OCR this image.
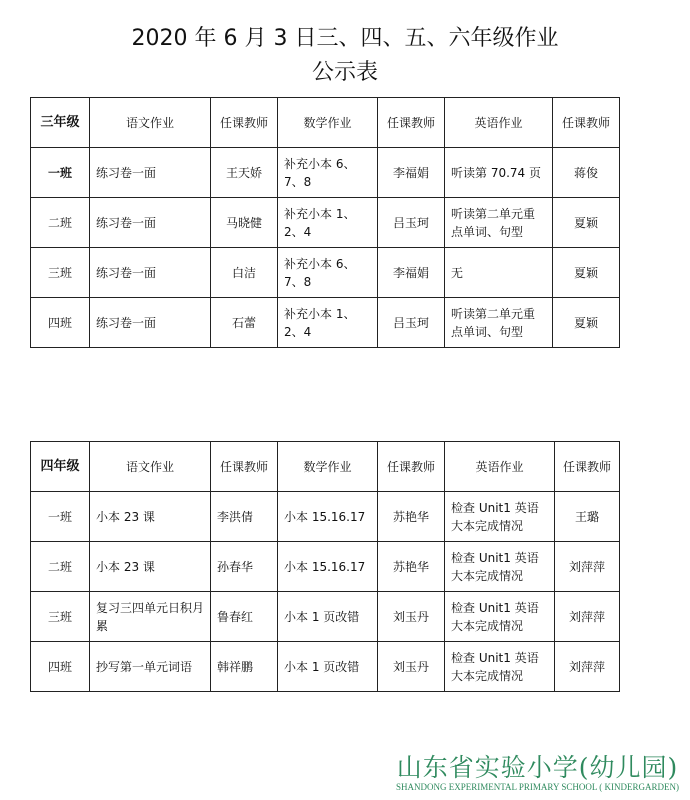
2020 年 6 月 3 日三、四、五、六年级作业
公示表
三年级	语文作业	任课教师	数学作业	任课教师	英语作业	任课教师
一班	练习卷一面	王天娇	补充小本 6、7、8	李福娟	听读第 70.74 页	蒋俊
二班	练习卷一面	马晓健	补充小本 1、2、4	吕玉珂	听读第二单元重点单词、句型	夏颖
三班	练习卷一面	白洁	补充小本 6、7、8	李福娟	无	夏颖
四班	练习卷一面	石蕾	补充小本 1、2、4	吕玉珂	听读第二单元重点单词、句型	夏颖
四年级	语文作业	任课教师	数学作业	任课教师	英语作业	任课教师
一班	小本 23 课	李洪倩	小本 15.16.17	苏艳华	检查 Unit1 英语大本完成情况	王璐
二班	小本 23 课	孙春华	小本 15.16.17	苏艳华	检查 Unit1 英语大本完成情况	刘萍萍
三班	复习三四单元日积月累	鲁春红	小本 1 页改错	刘玉丹	检查 Unit1 英语大本完成情况	刘萍萍
四班	抄写第一单元词语	韩祥鹏	小本 1 页改错	刘玉丹	检查 Unit1 英语大本完成情况	刘萍萍
山东省实验小学(幼儿园)
SHANDONG EXPERIMENTAL PRIMARY SCHOOL ( KINDERGARDEN)
